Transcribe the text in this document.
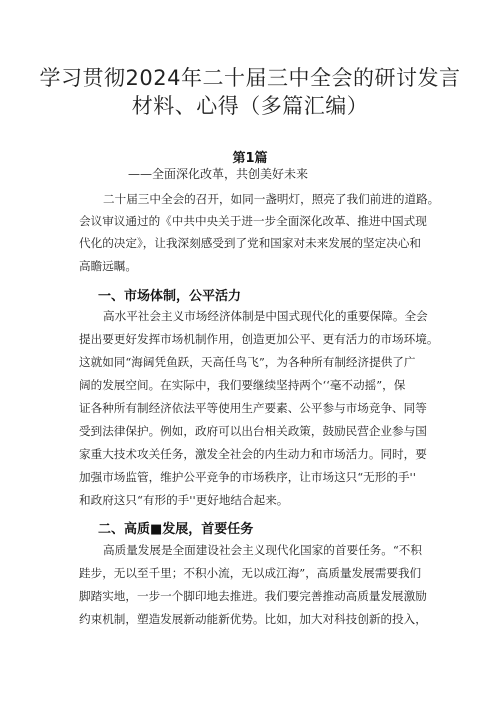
学习贯彻2024年二十届三中全会的研讨发言
材料、心得（多篇汇编）
第1篇
——全面深化改革，共创美好未来
二十届三中全会的召开，如同一盏明灯，照亮了我们前进的道路。
会议审议通过的《中共中央关于进一步全面深化改革、推进中国式现
代化的决定》，让我深刻感受到了党和国家对未来发展的坚定决心和
高瞻远瞩。
一、市场体制，公平活力
高水平社会主义市场经济体制是中国式现代化的重要保障。全会
提出要更好发挥市场机制作用，创造更加公平、更有活力的市场环境。
这就如同“海阔凭鱼跃，天高任鸟飞”，为各种所有制经济提供了广
阔的发展空间。在实际中，我们要继续坚持两个‘‘毫不动摇”，保
证各种所有制经济依法平等使用生产要素、公平参与市场竞争、同等
受到法律保护。例如，政府可以出台相关政策，鼓励民营企业参与国
家重大技术攻关任务，激发全社会的内生动力和市场活力。同时，要
加强市场监管，维护公平竞争的市场秩序，让市场这只“无形的手''
和政府这只“有形的手''更好地结合起来。
二、高质■发展，首要任务
高质量发展是全面建设社会主义现代化国家的首要任务。“不积
跬步，无以至千里；不积小流，无以成江海”，高质量发展需要我们
脚踏实地，一步一个脚印地去推进。我们要完善推动高质量发展激励
约束机制，塑造发展新动能新优势。比如，加大对科技创新的投入，
